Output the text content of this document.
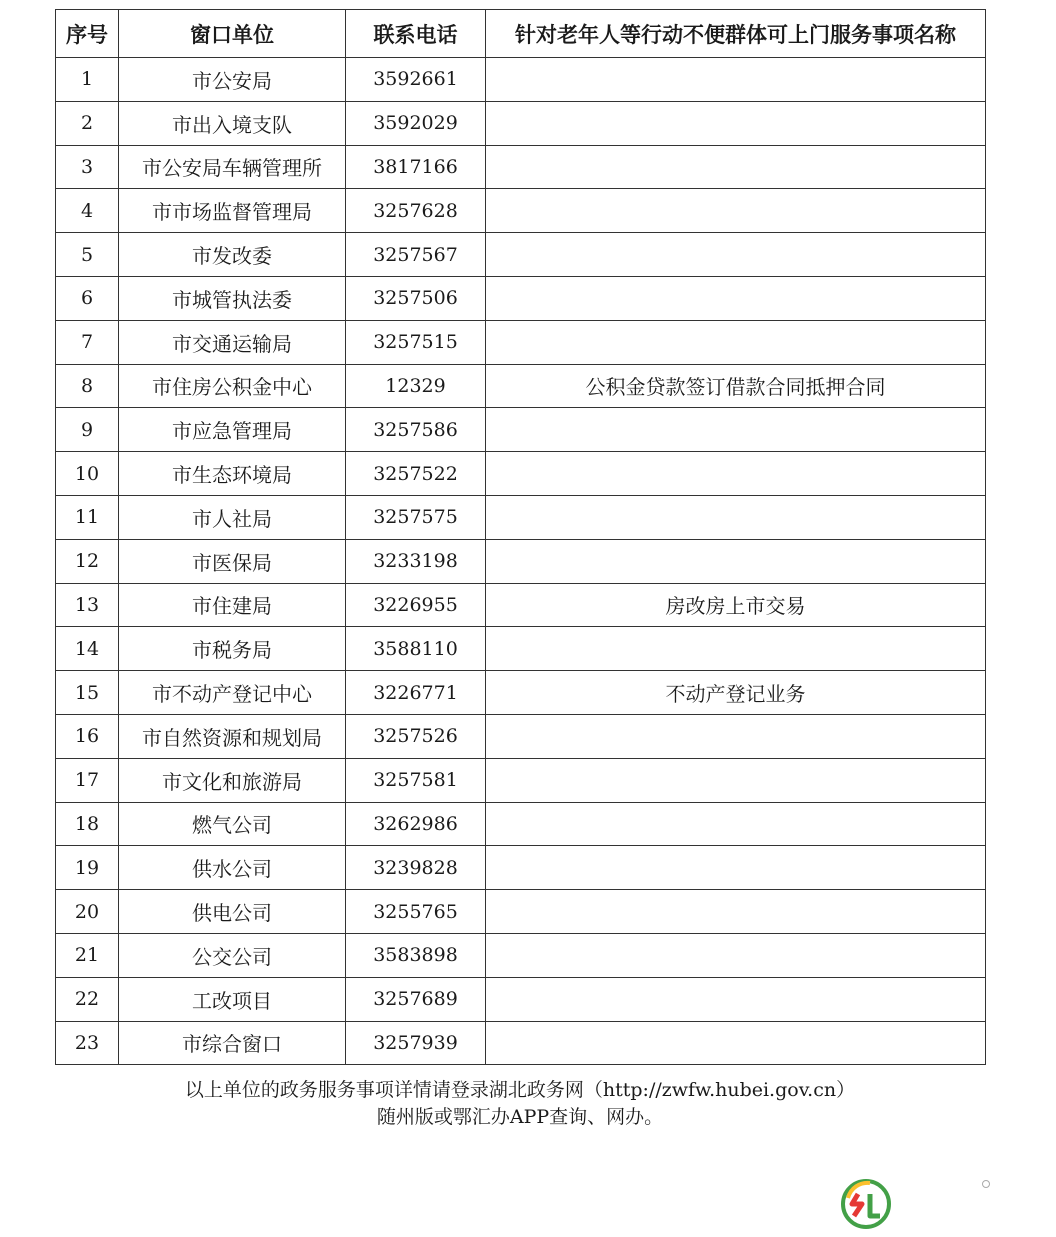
序号	窗口单位	联系电话	针对老年人等行动不便群体可上门服务事项名称
1	市公安局	3592661	
2	市出入境支队	3592029	
3	市公安局车辆管理所	3817166	
4	市市场监督管理局	3257628	
5	市发改委	3257567	
6	市城管执法委	3257506	
7	市交通运输局	3257515	
8	市住房公积金中心	12329	公积金贷款签订借款合同抵押合同
9	市应急管理局	3257586	
10	市生态环境局	3257522	
11	市人社局	3257575	
12	市医保局	3233198	
13	市住建局	3226955	房改房上市交易
14	市税务局	3588110	
15	市不动产登记中心	3226771	不动产登记业务
16	市自然资源和规划局	3257526	
17	市文化和旅游局	3257581	
18	燃气公司	3262986	
19	供水公司	3239828	
20	供电公司	3255765	
21	公交公司	3583898	
22	工改项目	3257689	
23	市综合窗口	3257939	
以上单位的政务服务事项详情请登录湖北政务网（http://zwfw.hubei.gov.cn）
随州版或鄂汇办APP查询、网办。
